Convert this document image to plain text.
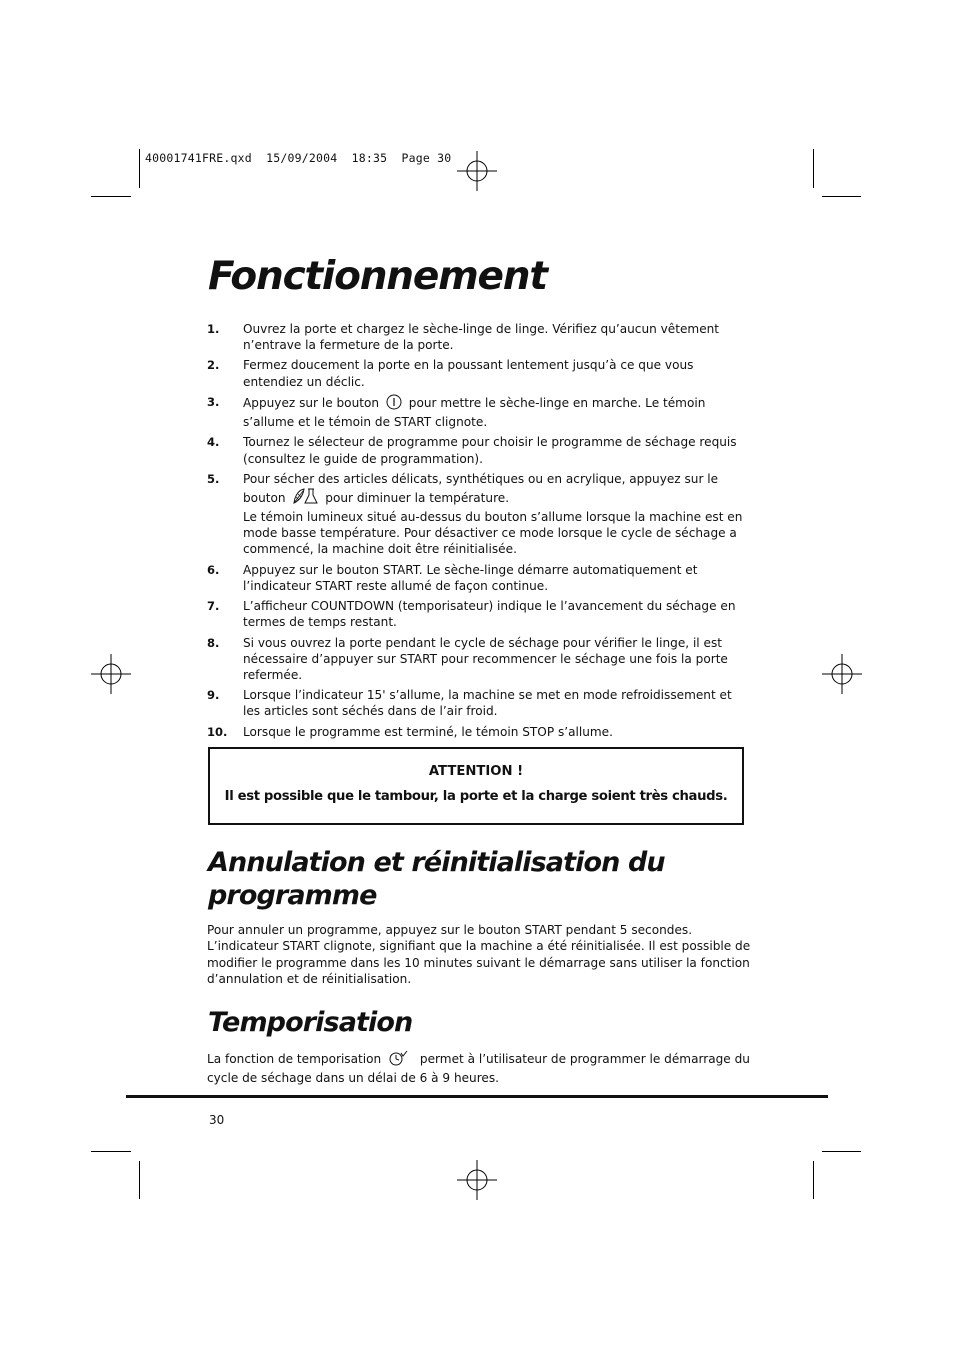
40001741FRE.qxd  15/09/2004  18:35  Page 30
Fonctionnement
1.	Ouvrez la porte et chargez le sèche-linge de linge. Vérifiez qu’aucun vêtement n’entrave la fermeture de la porte.
2.	Fermez doucement la porte en la poussant lentement jusqu’à ce que vous entendiez un déclic.
3.	Appuyez sur le bouton pour mettre le sèche-linge en marche. Le témoin s’allume et le témoin de START clignote.
4.	Tournez le sélecteur de programme pour choisir le programme de séchage requis (consultez le guide de programmation).
5.	Pour sécher des articles délicats, synthétiques ou en acrylique, appuyez sur le
bouton	pour diminuer la température.
Le témoin lumineux situé au-dessus du bouton s’allume lorsque la machine est en mode basse température. Pour désactiver ce mode lorsque le cycle de séchage a commencé, la machine doit être réinitialisée.
6.	Appuyez sur le bouton START. Le sèche-linge démarre automatiquement et l’indicateur START reste allumé de façon continue.
7.	L’afficheur COUNTDOWN (temporisateur) indique le l’avancement du séchage en termes de temps restant.
8.	Si vous ouvrez la porte pendant le cycle de séchage pour vérifier le linge, il est nécessaire d’appuyer sur START pour recommencer le séchage une fois la porte refermée.
9.	Lorsque l’indicateur 15' s’allume, la machine se met en mode refroidissement et les articles sont séchés dans de l’air froid.
10.	Lorsque le programme est terminé, le témoin STOP s’allume.
ATTENTION !
Il est possible que le tambour, la porte et la charge soient très chauds.
Annulation et réinitialisation du programme

Pour annuler un programme, appuyez sur le bouton START pendant 5 secondes. L’indicateur START clignote, signifiant que la machine a été réinitialisée. Il est possible de modifier le programme dans les 10 minutes suivant le démarrage sans utiliser la fonction d’annulation et de réinitialisation.

Temporisation

La fonction de temporisation	permet à l’utilisateur de programmer le démarrage du cycle de séchage dans un délai de 6 à 9 heures.

30
